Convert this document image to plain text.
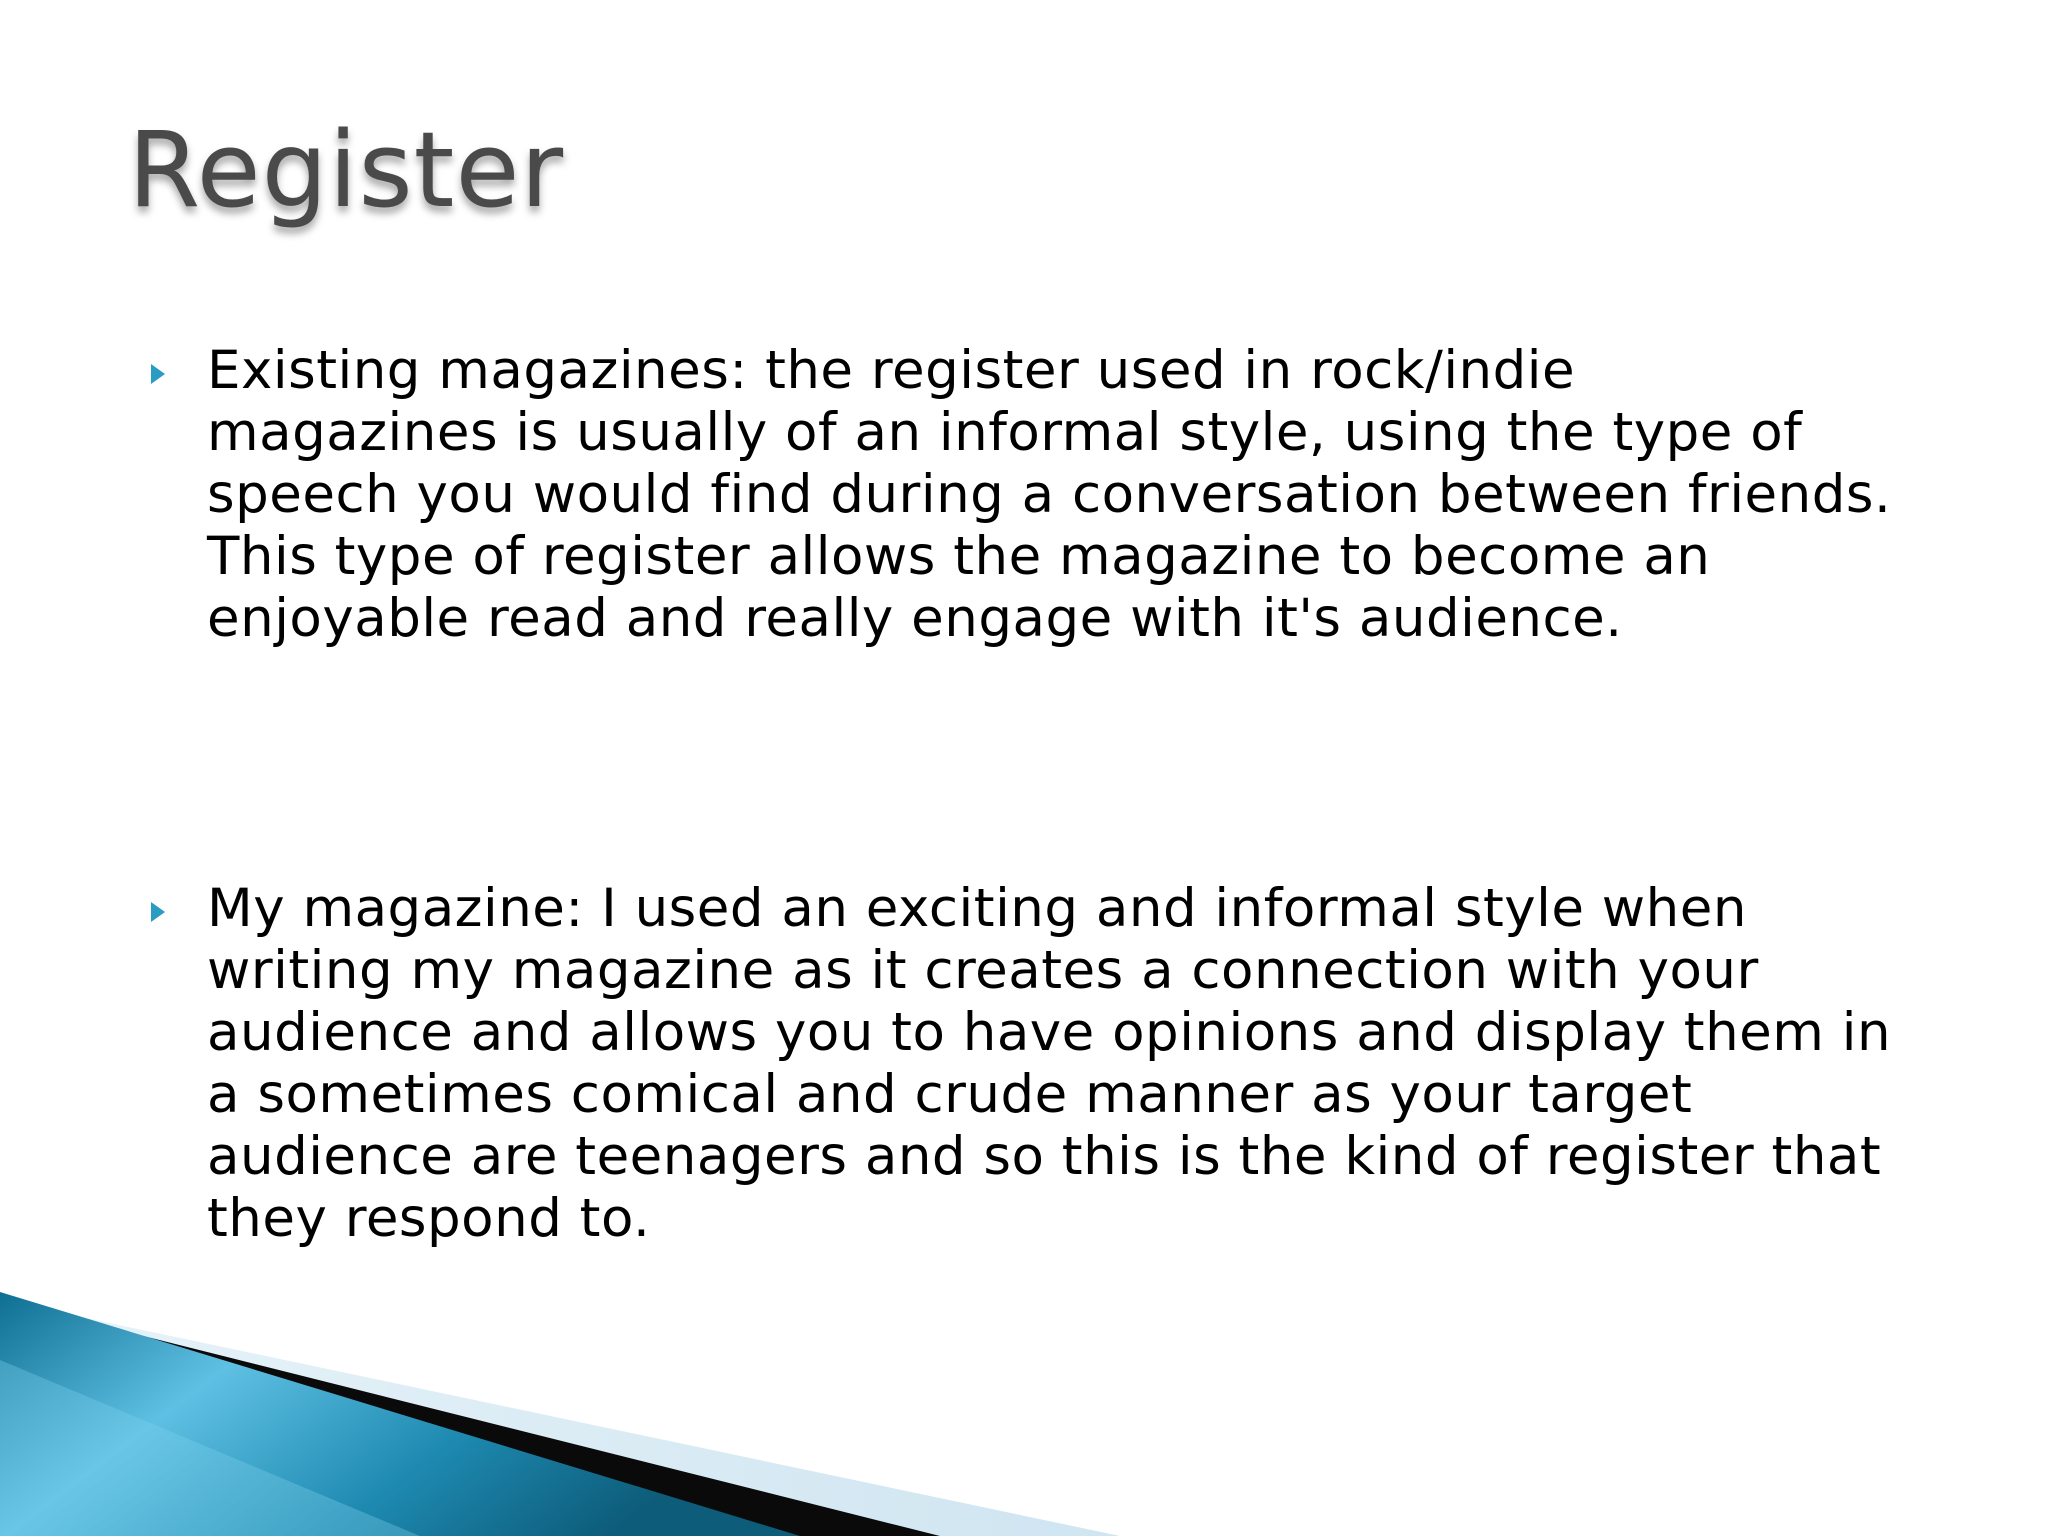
Register
Existing magazines: the register used in rock/indie
magazines is usually of an informal style, using the type of
speech you would find during a conversation between friends.
This type of register allows the magazine to become an
enjoyable read and really engage with it's audience.
My magazine: I used an exciting and informal style when
writing my magazine as it creates a connection with your
audience and allows you to have opinions and display them in
a sometimes comical and crude manner as your target
audience are teenagers and so this is the kind of register that
they respond to.
